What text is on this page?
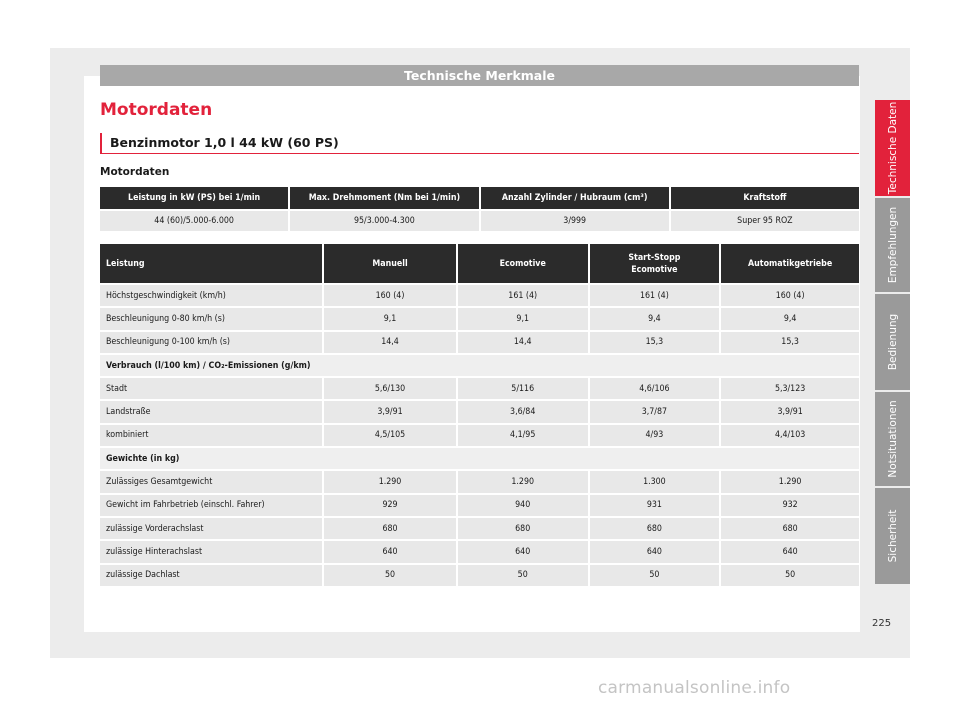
Technische Merkmale
Motordaten
Benzinmotor 1,0 l 44 kW (60 PS)
Motordaten
Leistung in kW (PS) bei 1/min	Max. Drehmoment (Nm bei 1/min)	Anzahl Zylinder / Hubraum (cm³)	Kraftstoff
44 (60)/5.000-6.000	95/3.000-4.300	3/999	Super 95 ROZ
Leistung	Manuell	Ecomotive	Start-Stopp Ecomotive	Automatikgetriebe
Höchstgeschwindigkeit (km/h)	160 (4)	161 (4)	161 (4)	160 (4)
Beschleunigung 0-80 km/h (s)	9,1	9,1	9,4	9,4
Beschleunigung 0-100 km/h (s)	14,4	14,4	15,3	15,3
Verbrauch (l/100 km) / CO₂-Emissionen (g/km)				
Stadt	5,6/130	5/116	4,6/106	5,3/123
Landstraße	3,9/91	3,6/84	3,7/87	3,9/91
kombiniert	4,5/105	4,1/95	4/93	4,4/103
Gewichte (in kg)				
Zulässiges Gesamtgewicht	1.290	1.290	1.300	1.290
Gewicht im Fahrbetrieb (einschl. Fahrer)	929	940	931	932
zulässige Vorderachslast	680	680	680	680
zulässige Hinterachslast	640	640	640	640
zulässige Dachlast	50	50	50	50
Technische Daten
Empfehlungen
Bedienung
Notsituationen
Sicherheit
225
carmanualsonline.info
